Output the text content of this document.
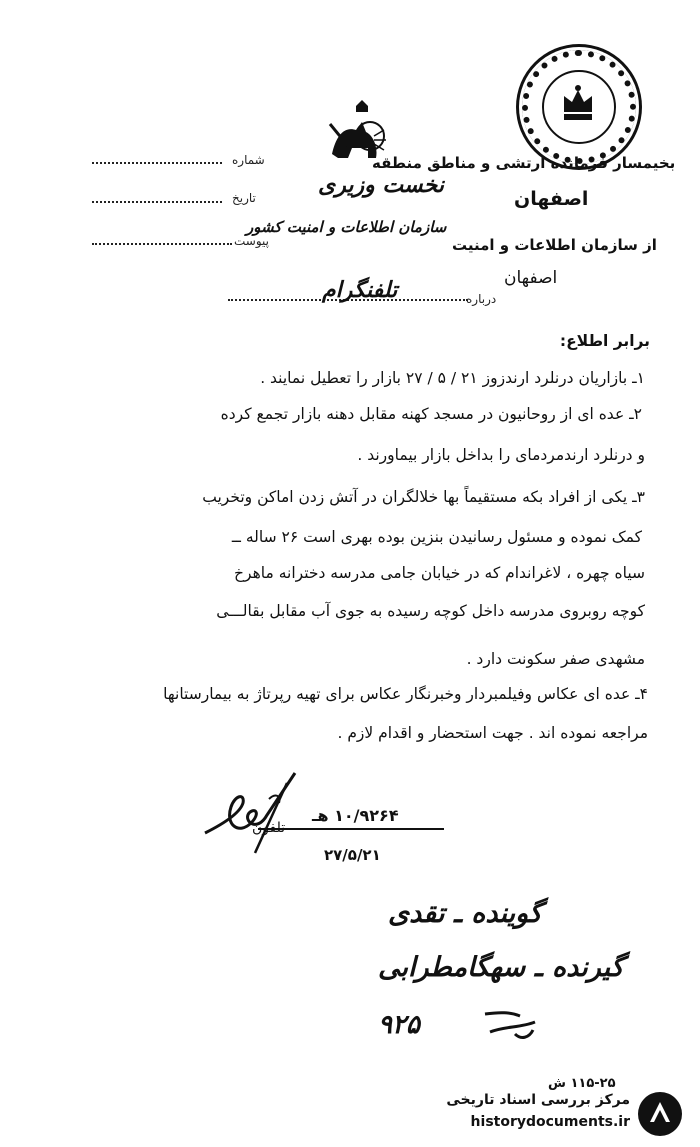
نخست وزیری
سازمان اطلاعات و امنیت کشور
شماره
تاریخ
پیوست
درباره
تلفنگرام
بخیمسار فرمانده ارتشی و مناطق منطقه
اصفهان
از سازمان اطلاعات و امنیت
اصفهان
برابر اطلاع:
۱ـ بازاریان درنلرد ارندزوز ۲۱ / ۵ / ۲۷ بازار را تعطیل نمایند .
۲ـ عده ای از روحانیون در مسجد کهنه مقابل دهنه بازار تجمع کرده
و درنلرد ارندمردمای را بداخل بازار بیماورند .
۳ـ یکی از افراد بکه مستقیماً بها خلالگران در آتش زدن اماکن وتخریب
کمک نموده و مسئول رسانیدن بنزین بوده بهری است ۲۶ ساله ــ
سیاه چهره ، لاغراندام که در خیابان جامی مدرسه دخترانه ماهرخ
کوچه روبروی مدرسه داخل کوچه رسیده به جوی آب مقابل بقالـــی
مشهدی صفر سکونت دارد .
۴ـ عده ای عکاس وفیلمبردار وخبرنگار عکاس برای تهیه رپرتاژ به بیمارستانها
مراجعه نموده اند . جهت استحضار و اقدام لازم .
۱۰/۹۲۶۴ هـ
تلفون
۲۷/۵/۲۱
گوینده ـ تقدی
گیرنده ـ سهگامطرابی
۹۲۵
۱۱۵-۲۵ ش
مرکز بررسی اسناد تاریخی
historydocuments.ir
